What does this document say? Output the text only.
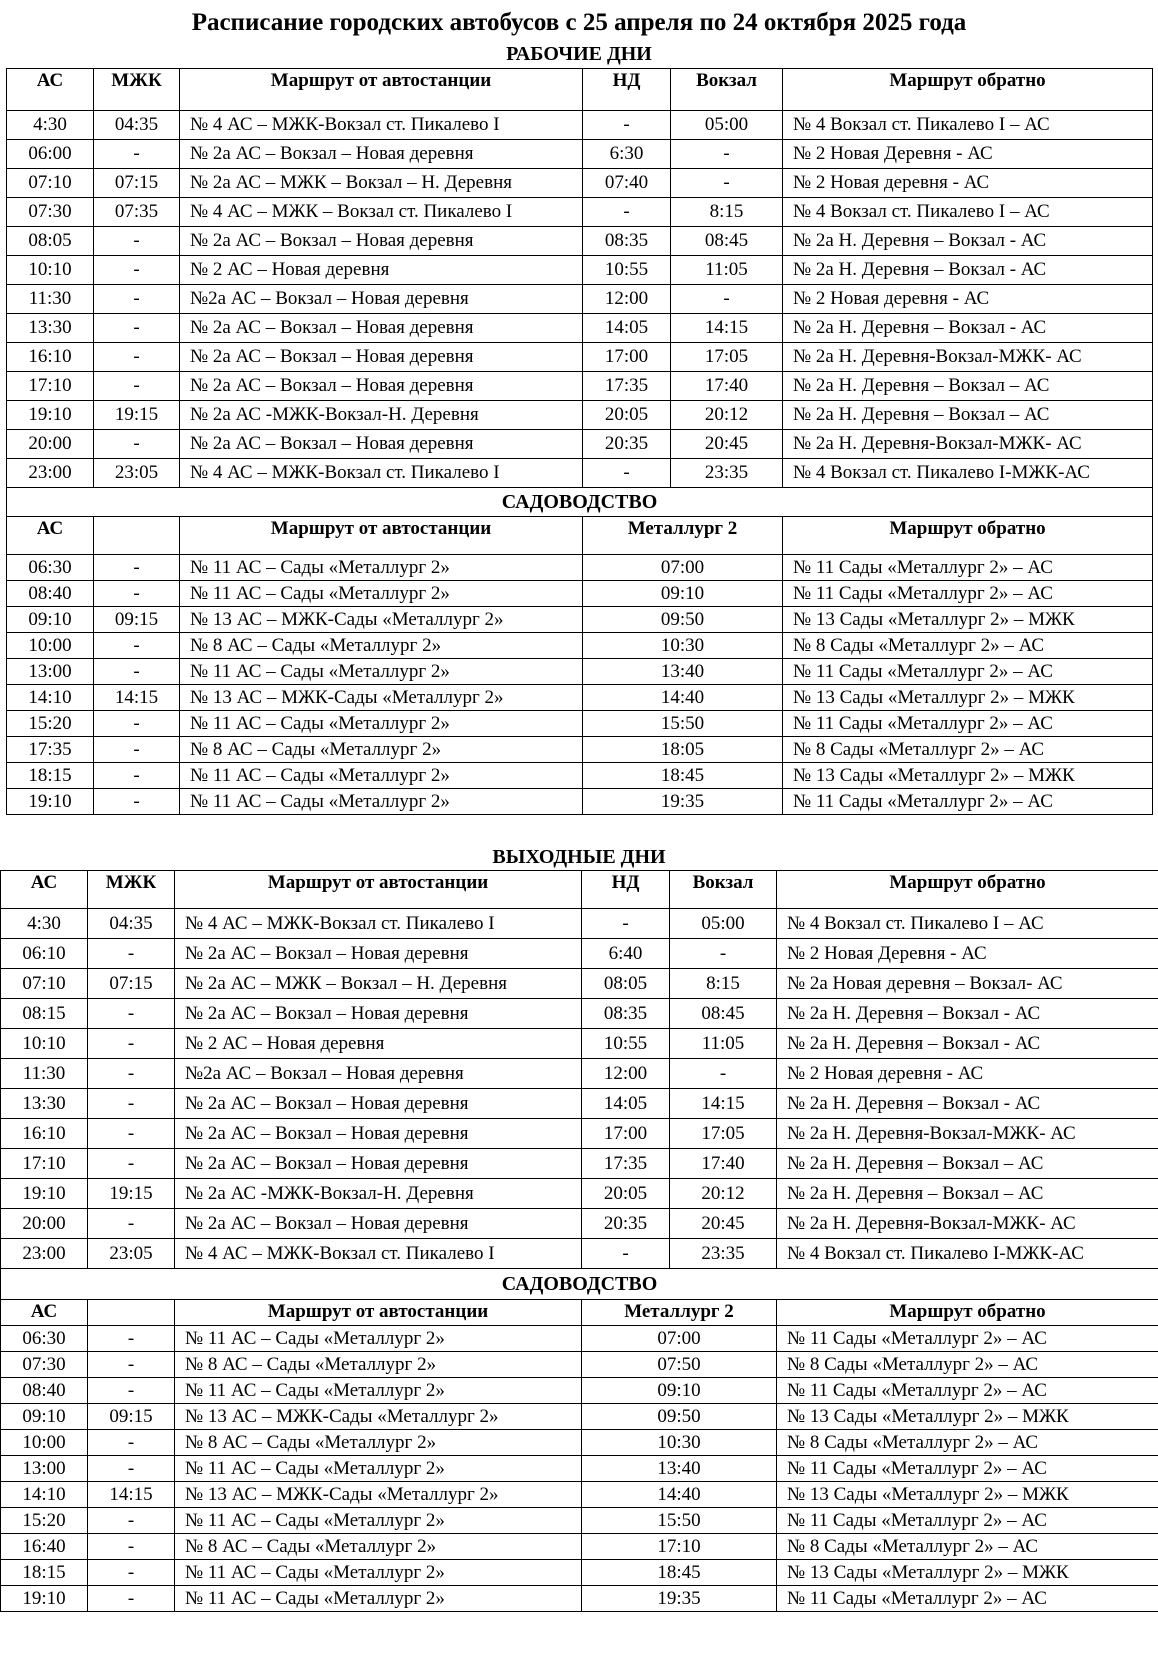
Расписание городских автобусов с 25 апреля по 24 октября 2025 года
РАБОЧИЕ ДНИ
АС	МЖК	Маршрут от автостанции	НД	Вокзал	Маршрут обратно
4:30	04:35	№ 4 АС – МЖК-Вокзал ст. Пикалево I	-	05:00	№ 4 Вокзал ст. Пикалево I – АС
06:00	-	№ 2а АС – Вокзал – Новая деревня	6:30	-	№ 2 Новая Деревня - АС
07:10	07:15	№ 2а АС – МЖК – Вокзал – Н. Деревня	07:40	-	№ 2 Новая деревня - АС
07:30	07:35	№ 4 АС – МЖК – Вокзал ст. Пикалево I	-	8:15	№ 4 Вокзал ст. Пикалево I – АС
08:05	-	№ 2а АС – Вокзал – Новая деревня	08:35	08:45	№ 2а Н. Деревня – Вокзал - АС
10:10	-	№ 2 АС – Новая деревня	10:55	11:05	№ 2а Н. Деревня – Вокзал - АС
11:30	-	№2а АС – Вокзал – Новая деревня	12:00	-	№ 2 Новая деревня - АС
13:30	-	№ 2а АС – Вокзал – Новая деревня	14:05	14:15	№ 2а Н. Деревня – Вокзал - АС
16:10	-	№ 2а АС – Вокзал – Новая деревня	17:00	17:05	№ 2а Н. Деревня-Вокзал-МЖК- АС
17:10	-	№ 2а АС – Вокзал – Новая деревня	17:35	17:40	№ 2а Н. Деревня – Вокзал – АС
19:10	19:15	№ 2а АС -МЖК-Вокзал-Н. Деревня	20:05	20:12	№ 2а Н. Деревня – Вокзал – АС
20:00	-	№ 2а АС – Вокзал – Новая деревня	20:35	20:45	№ 2а Н. Деревня-Вокзал-МЖК- АС
23:00	23:05	№ 4 АС – МЖК-Вокзал ст. Пикалево I	-	23:35	№ 4 Вокзал ст. Пикалево I-МЖК-АС
САДОВОДСТВО					
АС		Маршрут от автостанции	Металлург 2		Маршрут обратно
06:30	-	№ 11 АС – Сады «Металлург 2»	07:00		№ 11 Сады «Металлург 2» – АС
08:40	-	№ 11 АС – Сады «Металлург 2»	09:10		№ 11 Сады «Металлург 2» – АС
09:10	09:15	№ 13 АС – МЖК-Сады «Металлург 2»	09:50		№ 13 Сады «Металлург 2» – МЖК
10:00	-	№ 8 АС – Сады «Металлург 2»	10:30		№ 8 Сады «Металлург 2» – АС
13:00	-	№ 11 АС – Сады «Металлург 2»	13:40		№ 11 Сады «Металлург 2» – АС
14:10	14:15	№ 13 АС – МЖК-Сады «Металлург 2»	14:40		№ 13 Сады «Металлург 2» – МЖК
15:20	-	№ 11 АС – Сады «Металлург 2»	15:50		№ 11 Сады «Металлург 2» – АС
17:35	-	№ 8 АС – Сады «Металлург 2»	18:05		№ 8 Сады «Металлург 2» – АС
18:15	-	№ 11 АС – Сады «Металлург 2»	18:45		№ 13 Сады «Металлург 2» – МЖК
19:10	-	№ 11 АС – Сады «Металлург 2»	19:35		№ 11 Сады «Металлург 2» – АС
ВЫХОДНЫЕ ДНИ
АС	МЖК	Маршрут от автостанции	НД	Вокзал	Маршрут обратно
4:30	04:35	№ 4 АС – МЖК-Вокзал ст. Пикалево I	-	05:00	№ 4 Вокзал ст. Пикалево I – АС
06:10	-	№ 2а АС – Вокзал – Новая деревня	6:40	-	№ 2 Новая Деревня - АС
07:10	07:15	№ 2а АС – МЖК – Вокзал – Н. Деревня	08:05	8:15	№ 2а Новая деревня – Вокзал- АС
08:15	-	№ 2а АС – Вокзал – Новая деревня	08:35	08:45	№ 2а Н. Деревня – Вокзал - АС
10:10	-	№ 2 АС – Новая деревня	10:55	11:05	№ 2а Н. Деревня – Вокзал - АС
11:30	-	№2а АС – Вокзал – Новая деревня	12:00	-	№ 2 Новая деревня - АС
13:30	-	№ 2а АС – Вокзал – Новая деревня	14:05	14:15	№ 2а Н. Деревня – Вокзал - АС
16:10	-	№ 2а АС – Вокзал – Новая деревня	17:00	17:05	№ 2а Н. Деревня-Вокзал-МЖК- АС
17:10	-	№ 2а АС – Вокзал – Новая деревня	17:35	17:40	№ 2а Н. Деревня – Вокзал – АС
19:10	19:15	№ 2а АС -МЖК-Вокзал-Н. Деревня	20:05	20:12	№ 2а Н. Деревня – Вокзал – АС
20:00	-	№ 2а АС – Вокзал – Новая деревня	20:35	20:45	№ 2а Н. Деревня-Вокзал-МЖК- АС
23:00	23:05	№ 4 АС – МЖК-Вокзал ст. Пикалево I	-	23:35	№ 4 Вокзал ст. Пикалево I-МЖК-АС
САДОВОДСТВО					
АС		Маршрут от автостанции	Металлург 2		Маршрут обратно
06:30	-	№ 11 АС – Сады «Металлург 2»	07:00		№ 11 Сады «Металлург 2» – АС
07:30	-	№ 8 АС – Сады «Металлург 2»	07:50		№ 8 Сады «Металлург 2» – АС
08:40	-	№ 11 АС – Сады «Металлург 2»	09:10		№ 11 Сады «Металлург 2» – АС
09:10	09:15	№ 13 АС – МЖК-Сады «Металлург 2»	09:50		№ 13 Сады «Металлург 2» – МЖК
10:00	-	№ 8 АС – Сады «Металлург 2»	10:30		№ 8 Сады «Металлург 2» – АС
13:00	-	№ 11 АС – Сады «Металлург 2»	13:40		№ 11 Сады «Металлург 2» – АС
14:10	14:15	№ 13 АС – МЖК-Сады «Металлург 2»	14:40		№ 13 Сады «Металлург 2» – МЖК
15:20	-	№ 11 АС – Сады «Металлург 2»	15:50		№ 11 Сады «Металлург 2» – АС
16:40	-	№ 8 АС – Сады «Металлург 2»	17:10		№ 8 Сады «Металлург 2» – АС
18:15	-	№ 11 АС – Сады «Металлург 2»	18:45		№ 13 Сады «Металлург 2» – МЖК
19:10	-	№ 11 АС – Сады «Металлург 2»	19:35		№ 11 Сады «Металлург 2» – АС
